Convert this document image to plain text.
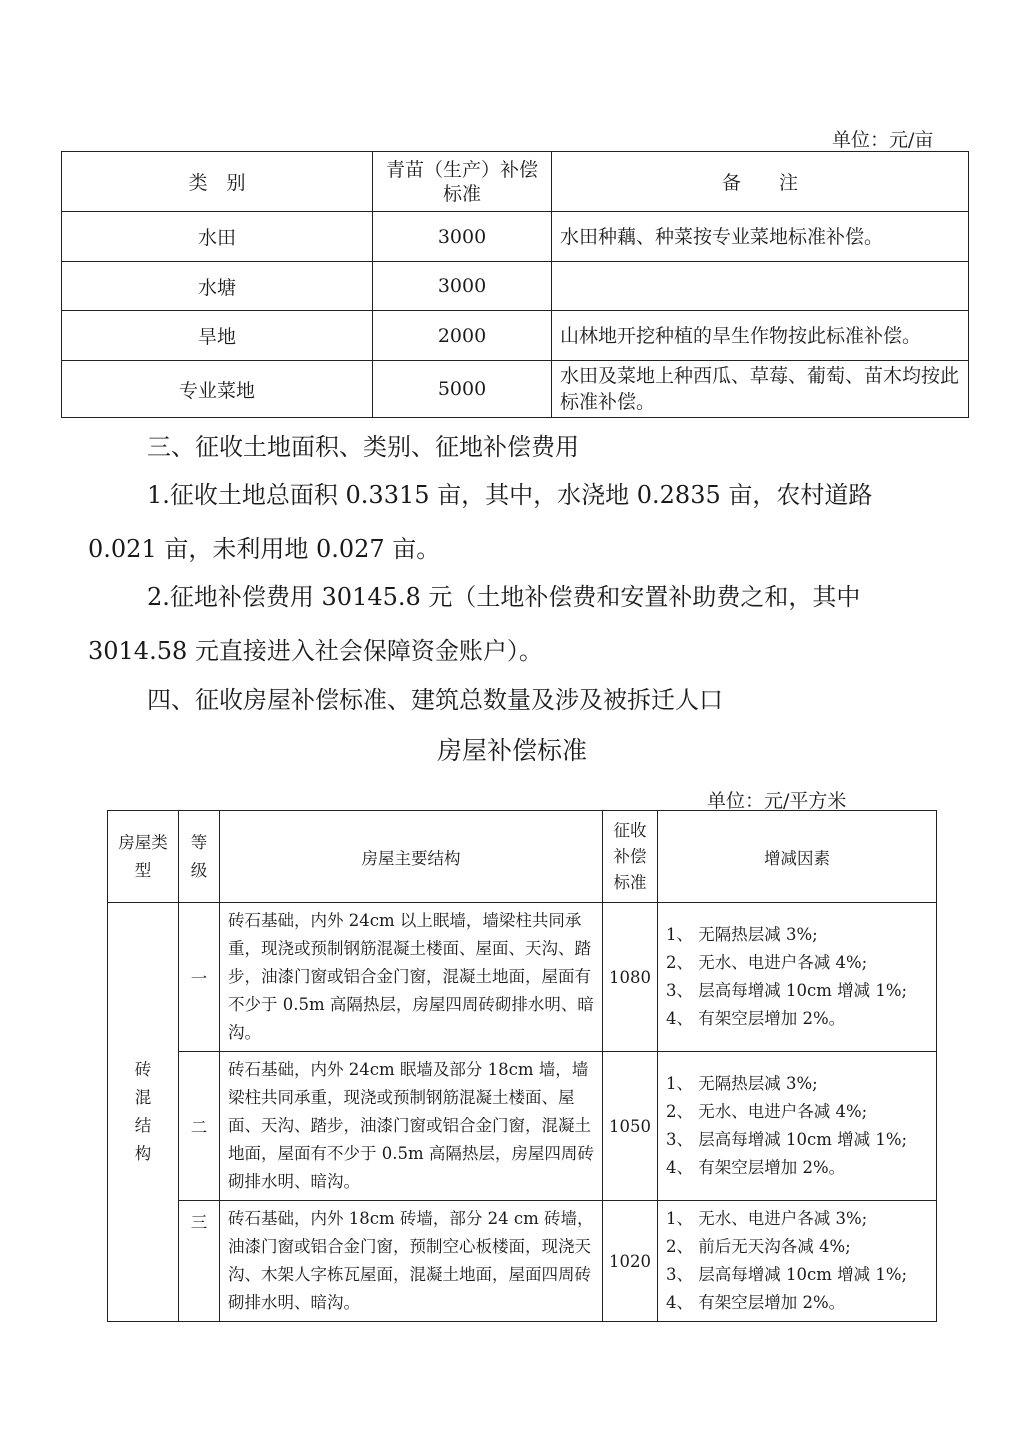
单位：元/亩
类　别	青苗（生产）补偿标准	备　　注
水田	3000	水田种藕、种菜按专业菜地标准补偿。
水塘	3000	
旱地	2000	山林地开挖种植的旱生作物按此标准补偿。
专业菜地	5000	水田及菜地上种西瓜、草莓、葡萄、苗木均按此标准补偿。
三、征收土地面积、类别、征地补偿费用
1.征收土地总面积 0.3315 亩，其中，水浇地 0.2835 亩，农村道路
0.021 亩，未利用地 0.027 亩。
2.征地补偿费用 30145.8 元（土地补偿费和安置补助费之和，其中
3014.58 元直接进入社会保障资金账户）。
四、征收房屋补偿标准、建筑总数量及涉及被拆迁人口
房屋补偿标准
单位：元/平方米
房屋类型	等级	房屋主要结构	征收补偿标准	增减因素

砖混结构	一	砖石基础，内外 24cm 以上眠墙，墙梁柱共同承重，现浇或预制钢筋混凝土楼面、屋面、天沟、踏步，油漆门窗或铝合金门窗，混凝土地面，屋面有不少于 0.5m 高隔热层，房屋四周砖砌排水明、暗沟。	1080	1、 无隔热层减 3%;
2、 无水、电进户各减 4%;
3、 层高每增减 10cm 增减 1%;
4、 有架空层增加 2%。

	二	砖石基础，内外 24cm 眠墙及部分 18cm 墙，墙梁柱共同承重，现浇或预制钢筋混凝土楼面、屋面、天沟、踏步，油漆门窗或铝合金门窗，混凝土地面，屋面有不少于 0.5m 高隔热层，房屋四周砖砌排水明、暗沟。	1050	1、 无隔热层减 3%;
2、 无水、电进户各减 4%;
3、 层高每增减 10cm 增减 1%;
4、 有架空层增加 2%。

	三	砖石基础，内外 18cm 砖墙，部分 24 cm 砖墙，油漆门窗或铝合金门窗，预制空心板楼面，现浇天沟、木架人字栋瓦屋面，混凝土地面，屋面四周砖砌排水明、暗沟。	1020	1、 无水、电进户各减 3%;
2、 前后无天沟各减 4%;
3、 层高每增减 10cm 增减 1%;
4、 有架空层增加 2%。
